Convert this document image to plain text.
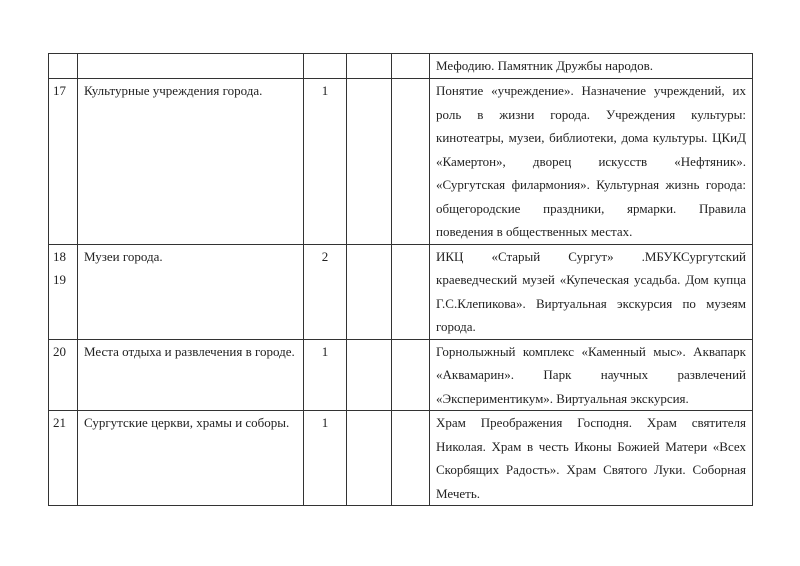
					Мефодию. Памятник Дружбы народов.
17	Культурные учреждения города.	1			Понятие «учреждение». Назначение учреждений, их роль в жизни города. Учреждения культуры: кинотеатры, музеи, библиотеки, дома культуры. ЦКиД «Камертон», дворец искусств «Нефтяник». «Сургутская филармония». Культурная жизнь города: общегородские праздники, ярмарки. Правила поведения в общественных местах.

18
19	Музеи города.	2			ИКЦ «Старый Сургут» .МБУКСургутский краеведческий музей «Купеческая усадьба. Дом купца Г.С.Клепикова». Виртуальная экскурсия по музеям города.
20	Места отдыха и развлечения в городе.	1			Горнолыжный комплекс «Каменный мыс». Аквапарк «Аквамарин». Парк научных развлечений «Экспериментикум». Виртуальная экскурсия.
21	Сургутские церкви, храмы и соборы.	1			Храм Преображения Господня. Храм святителя Николая. Храм в честь Иконы Божией Матери «Всех Скорбящих Радость». Храм Святого Луки. Соборная Мечеть.
